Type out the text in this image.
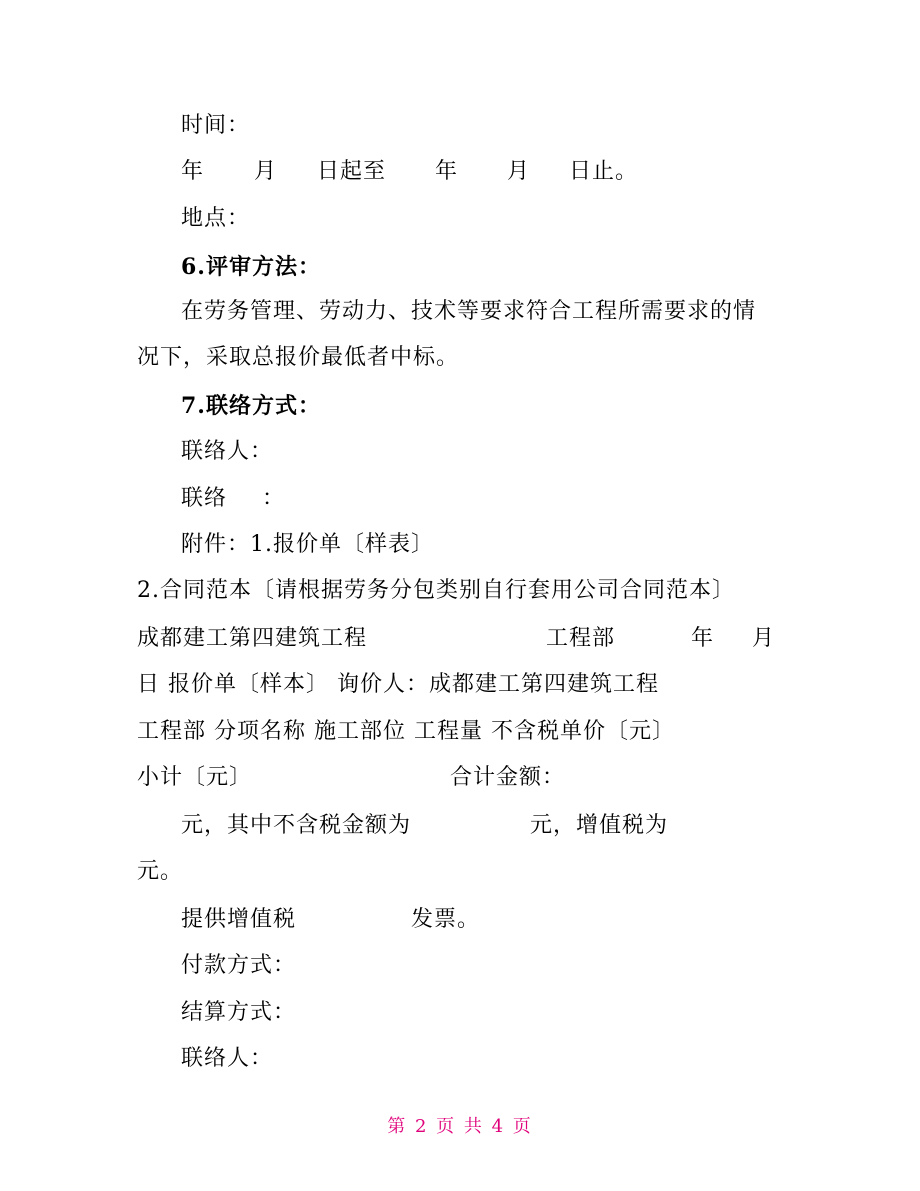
时间：
年 月 日起至 年 月 日止。
地点：
6.评审方法：
在劳务管理、劳动力、技术等要求符合工程所需要求的情
况下，采取总报价最低者中标。
7.联络方式：
联络人：
联络 ：
附件：1.报价单〔样表〕
2.合同范本〔请根据劳务分包类别自行套用公司合同范本〕
成都建工第四建筑工程	工程部	年 月
日 报价单〔样本〕 询价人：成都建工第四建筑工程
工程部 分项名称 施工部位 工程量 不含税单价〔元〕
小计〔元〕	合计金额：
元，其中不含税金额为	元，增值税为
元。
提供增值税	发票。
付款方式：
结算方式：
联络人：
第 2 页 共 4 页
